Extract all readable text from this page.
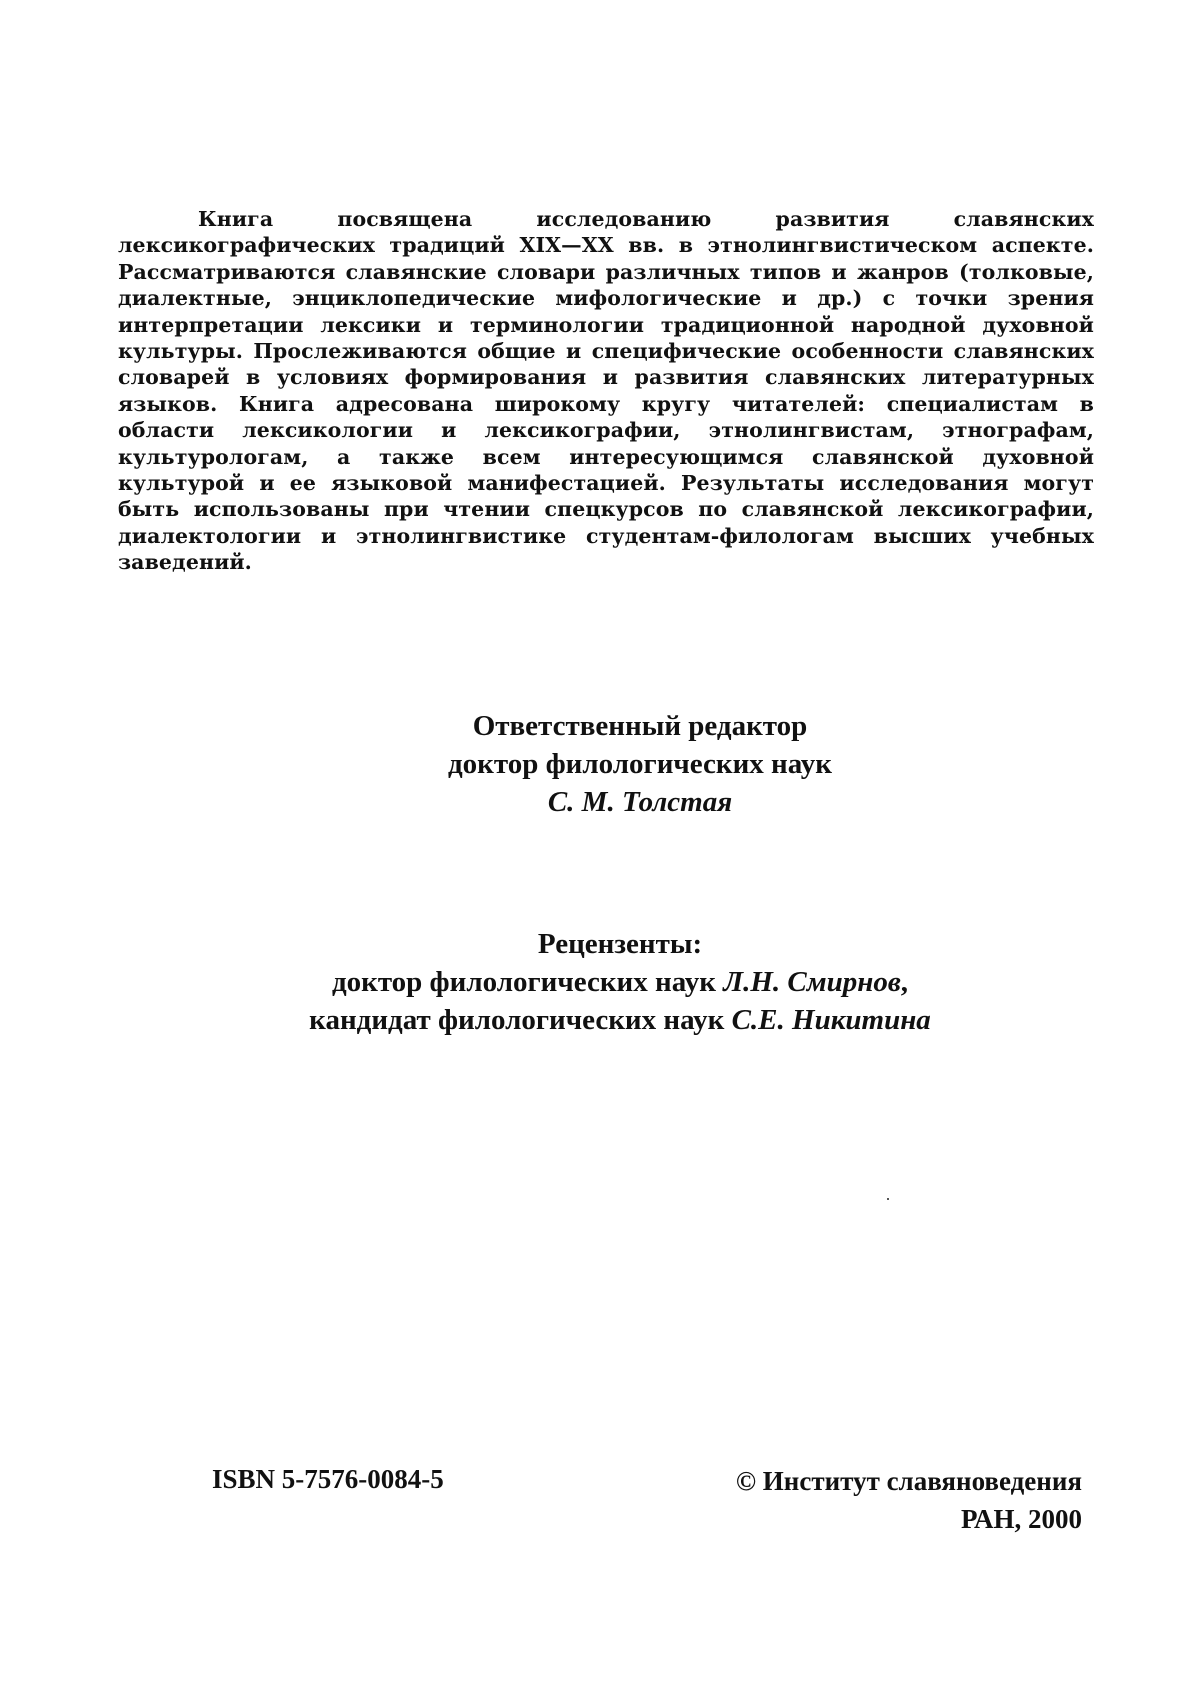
Книга посвящена исследованию развития славянских лексикографических традиций XIX—XX вв. в этнолингвистическом аспекте. Рассматриваются славянские словари различных типов и жанров (толковые, диалектные, энциклопедические мифологические и др.) с точки зрения интерпретации лексики и терминологии традиционной народной духовной культуры. Прослеживаются общие и специфические особенности славянских словарей в условиях формирования и развития славянских литературных языков. Книга адресована широкому кругу читателей: специалистам в области лексикологии и лексикографии, этнолингвистам, этнографам, культурологам, а также всем интересующимся славянской духовной культурой и ее языковой манифестацией. Результаты исследования могут быть использованы при чтении спецкурсов по славянской лексикографии, диалектологии и этнолингвистике студентам-филологам высших учебных заведений.

Ответственный редактор
доктор филологических наук
С. М. Толстая
Рецензенты:
доктор филологических наук Л.Н. Смирнов,
кандидат филологических наук С.Е. Никитина
ISBN 5-7576-0084-5	© Институт славяноведения
РАН, 2000
